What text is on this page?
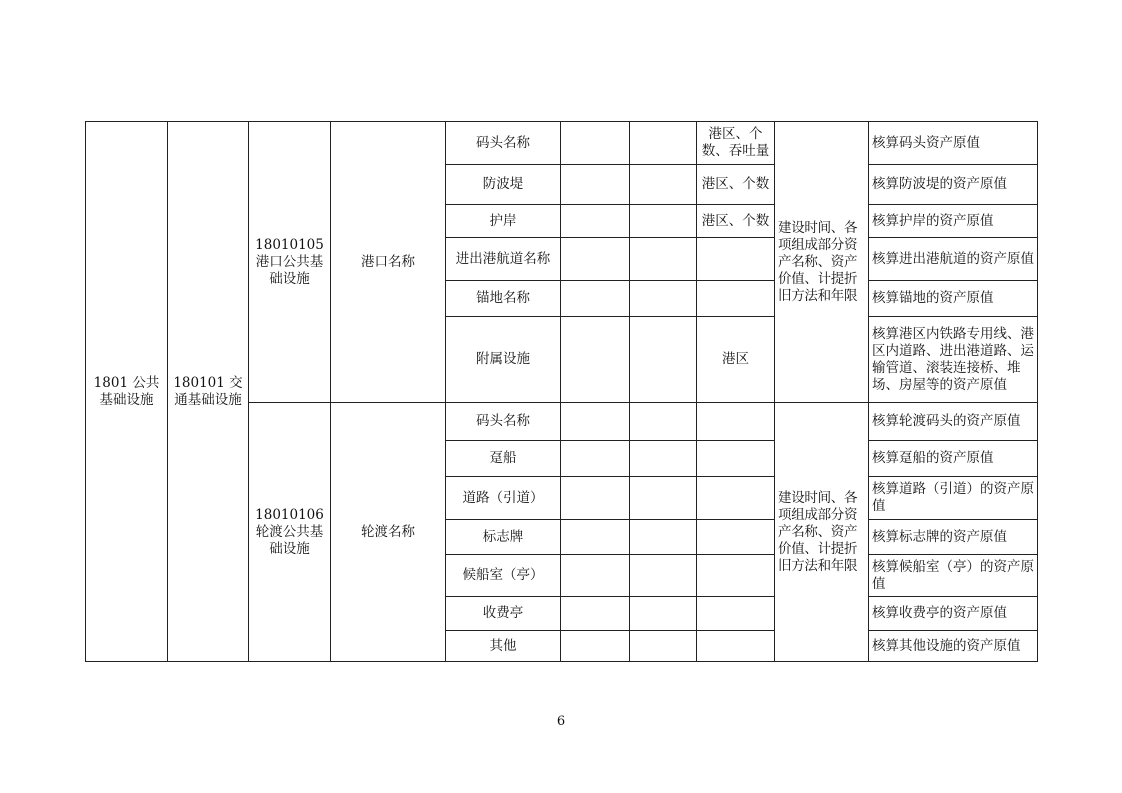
1801 公共基础设施	180101 交通基础设施	18010105 港口公共基础设施	港口名称	码头名称			港区、个数、吞吐量	建设时间、各项组成部分资产名称、资产价值、计提折旧方法和年限	核算码头资产原值
				防波堤			港区、个数		核算防波堤的资产原值
				护岸			港区、个数		核算护岸的资产原值
				进出港航道名称					核算进出港航道的资产原值
				锚地名称					核算锚地的资产原值
				附属设施			港区		核算港区内铁路专用线、港区内道路、进出港道路、运输管道、滚装连接桥、堆场、房屋等的资产原值
		18010106 轮渡公共基础设施	轮渡名称	码头名称				建设时间、各项组成部分资产名称、资产价值、计提折旧方法和年限	核算轮渡码头的资产原值
				趸船					核算趸船的资产原值
				道路（引道）					核算道路（引道）的资产原值
				标志牌					核算标志牌的资产原值
				候船室（亭）					核算候船室（亭）的资产原值
				收费亭					核算收费亭的资产原值
				其他					核算其他设施的资产原值
6
